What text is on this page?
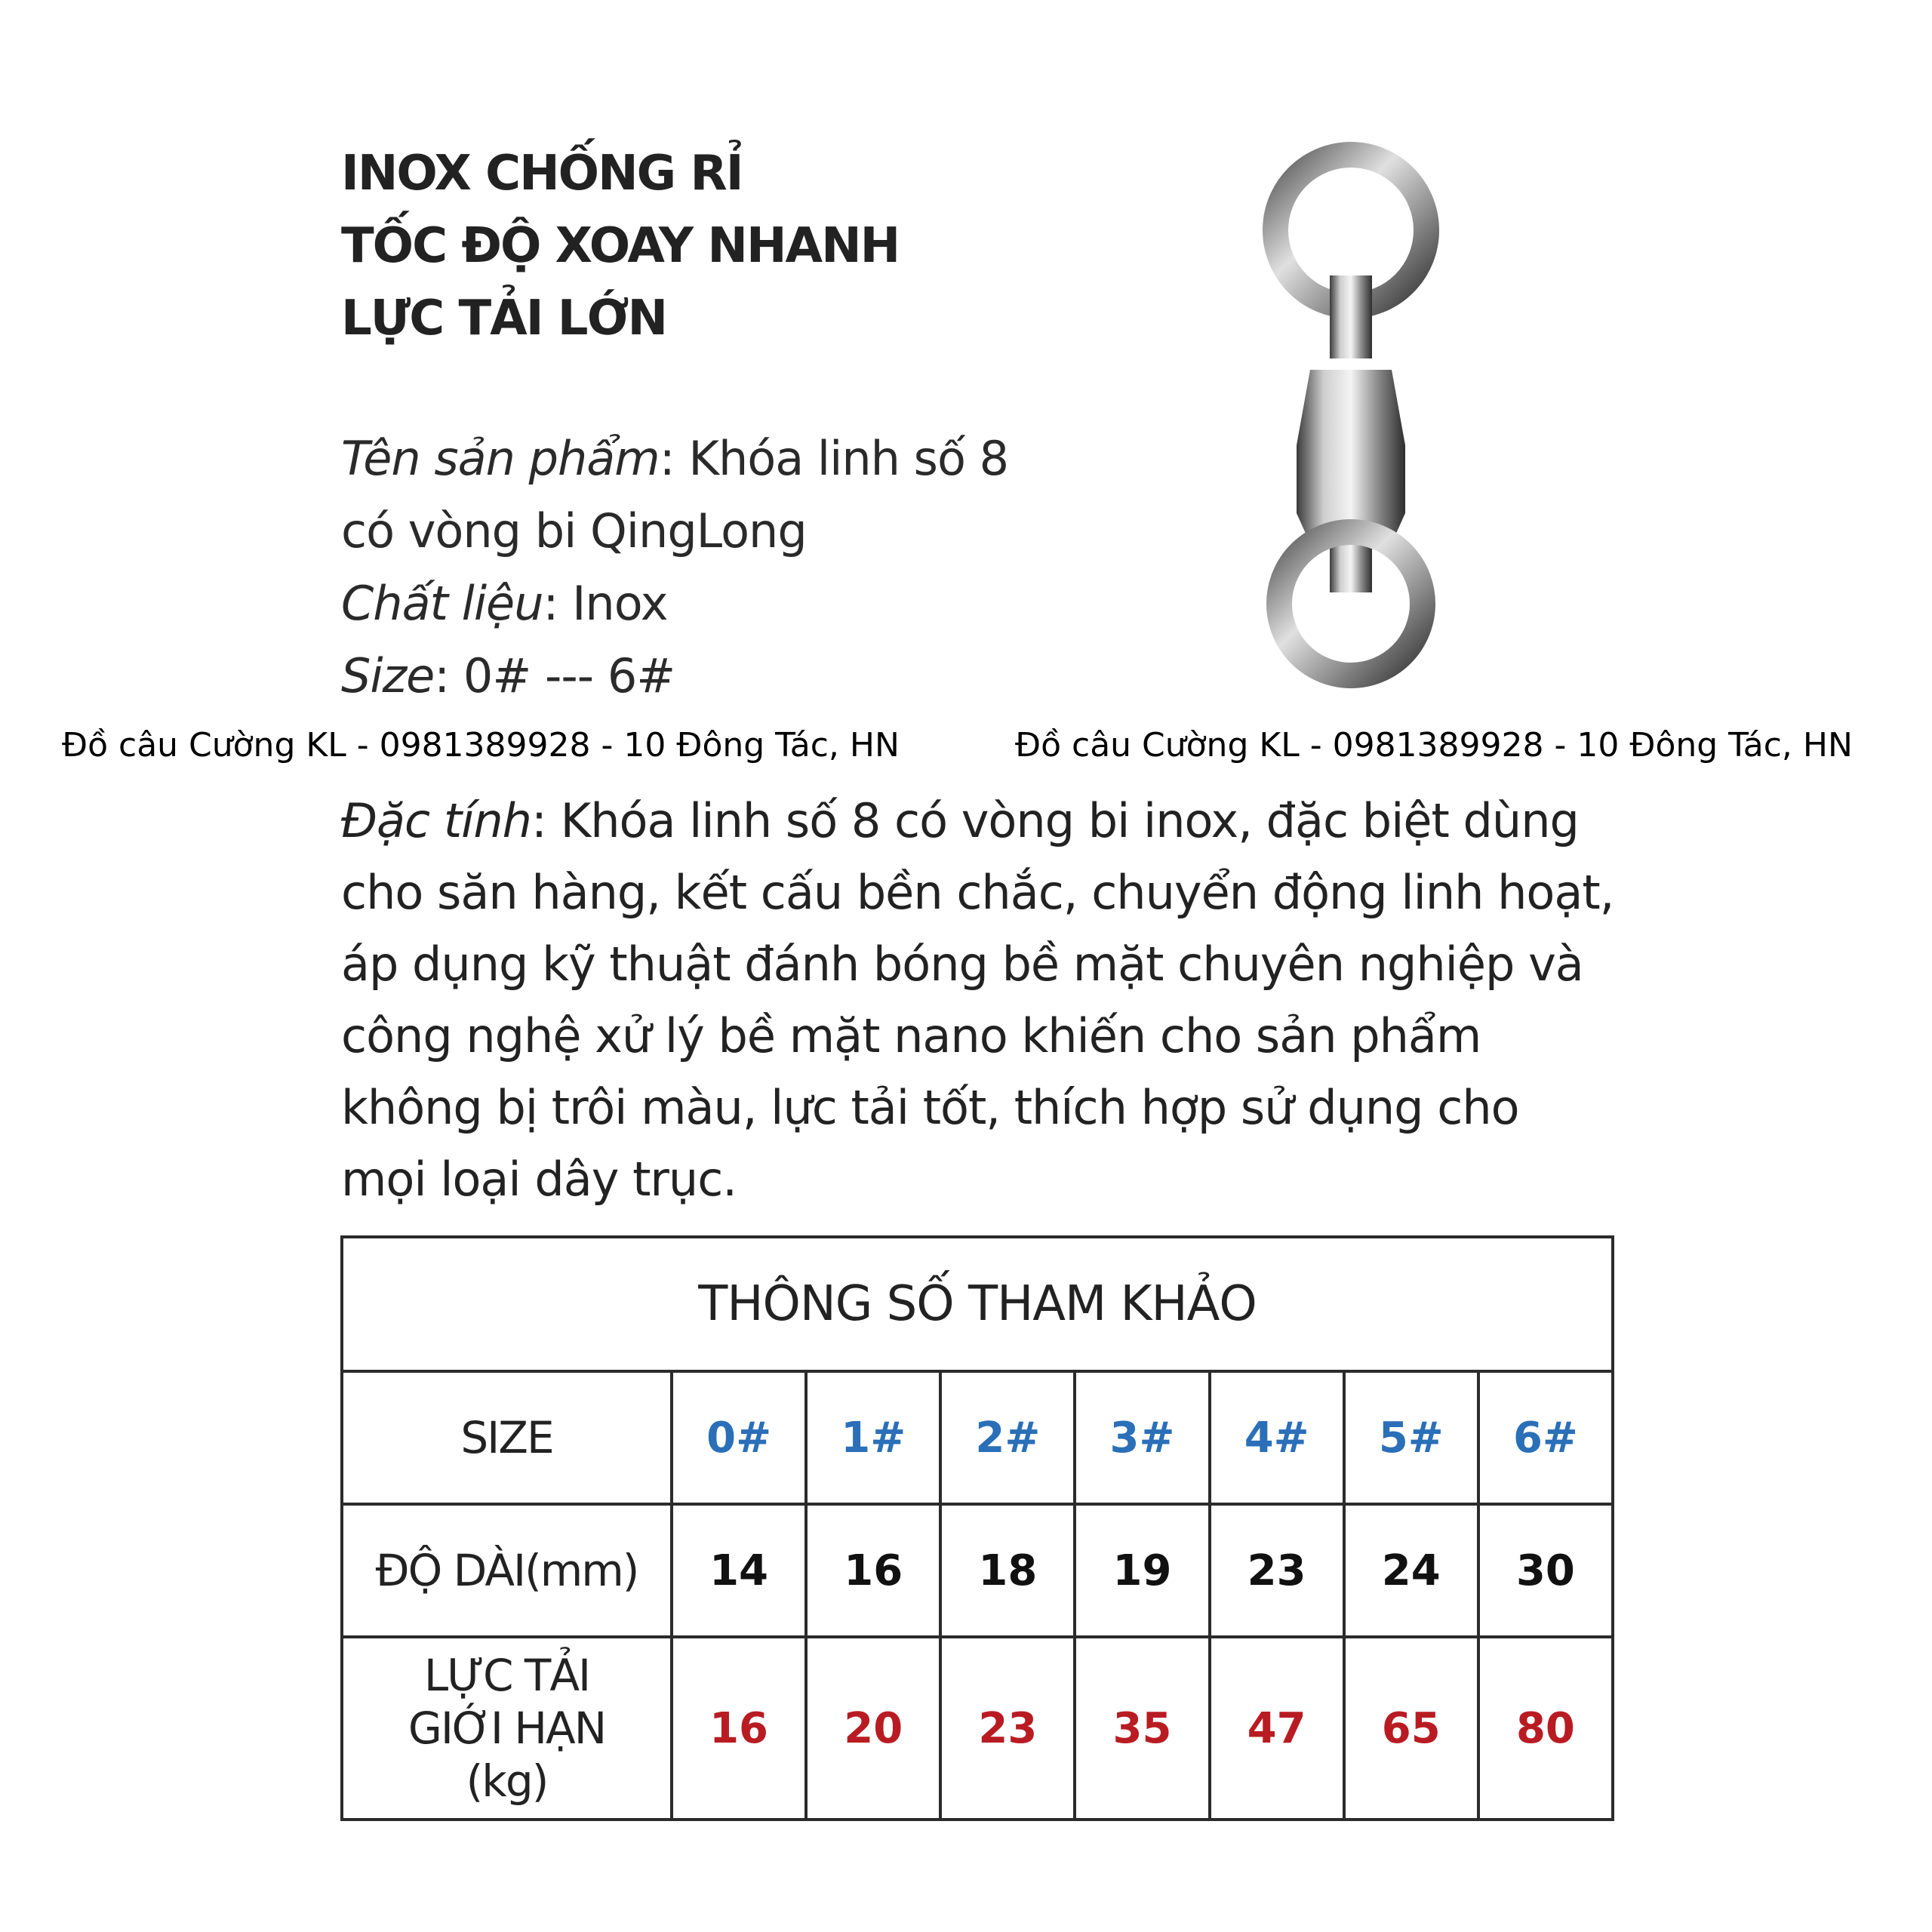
INOX CHỐNG RỈ
TỐC ĐỘ XOAY NHANH
LỰC TẢI LỚN
Tên sản phẩm: Khóa linh số 8
có vòng bi QingLong
Chất liệu: Inox
Size: 0# --- 6#
Đồ câu Cường KL - 0981389928 - 10 Đông Tác, HN	Đồ câu Cường KL - 0981389928 - 10 Đông Tác, HN
Đặc tính: Khóa linh số 8 có vòng bi inox, đặc biệt dùng
cho săn hàng, kết cấu bền chắc, chuyển động linh hoạt,
áp dụng kỹ thuật đánh bóng bề mặt chuyên nghiệp và
công nghệ xử lý bề mặt nano khiến cho sản phẩm
không bị trôi màu, lực tải tốt, thích hợp sử dụng cho
mọi loại dây trục.
THÔNG SỐ THAM KHẢO							
SIZE	0#	1#	2#	3#	4#	5#	6#
ĐỘ DÀI(mm)	14	16	18	19	23	24	30

LỰC TẢI
GIỚI HẠN
(kg)	16	20	23	35	47	65	80
